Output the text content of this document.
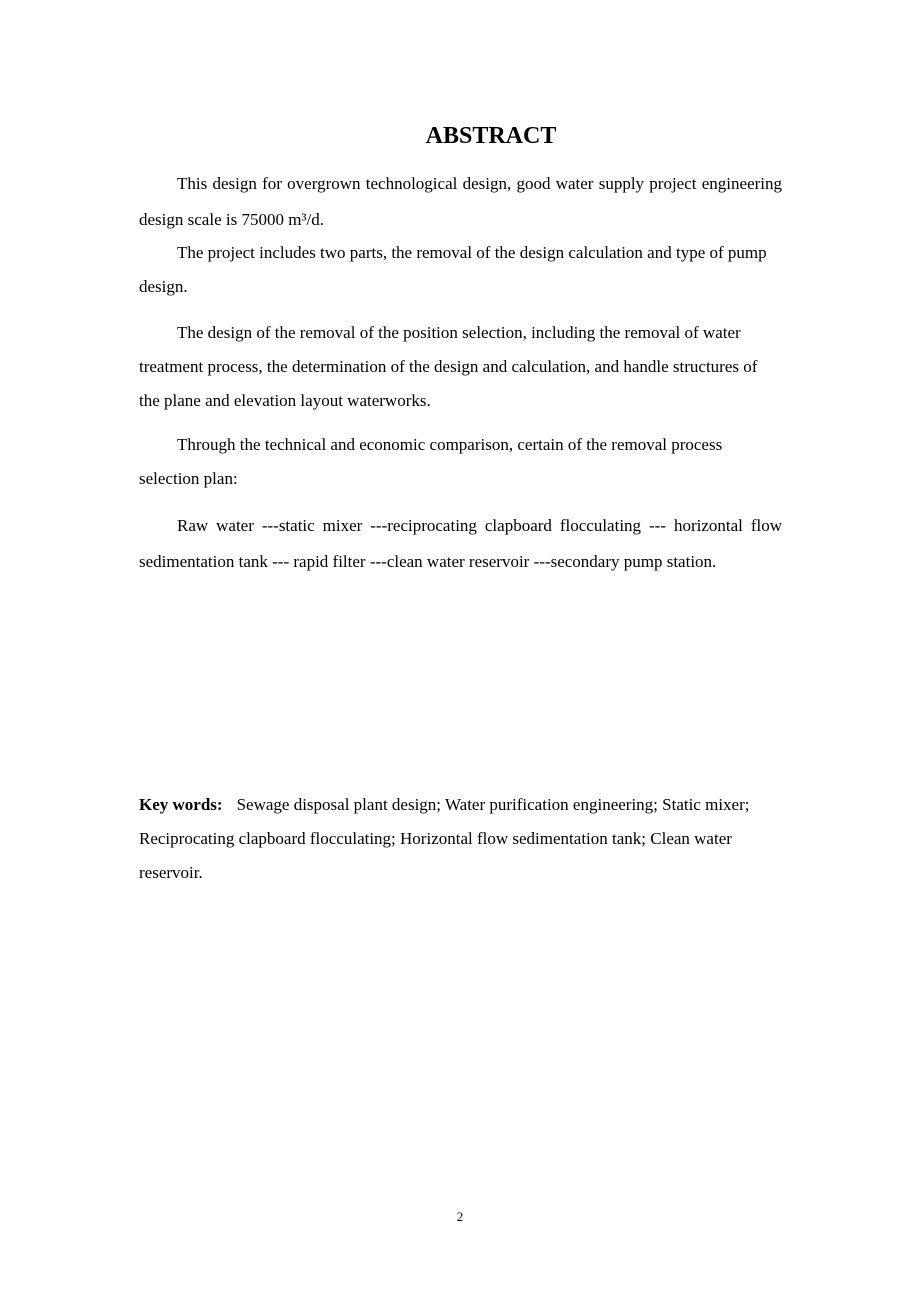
ABSTRACT

This design for overgrown technological design, good water supply project engineering design scale is 75000 m³/d.

The project includes two parts, the removal of the design calculation and type of pump design.

The design of the removal of the position selection, including the removal of water treatment process, the determination of the design and calculation, and handle structures of the plane and elevation layout waterworks.

Through the technical and economic comparison, certain of the removal process selection plan:

Raw water ---static mixer ---reciprocating clapboard flocculating --- horizontal flow sedimentation tank --- rapid filter ---clean water reservoir ---secondary pump station.

Key words: Sewage disposal plant design; Water purification engineering; Static mixer; Reciprocating clapboard flocculating; Horizontal flow sedimentation tank; Clean water reservoir.

2
